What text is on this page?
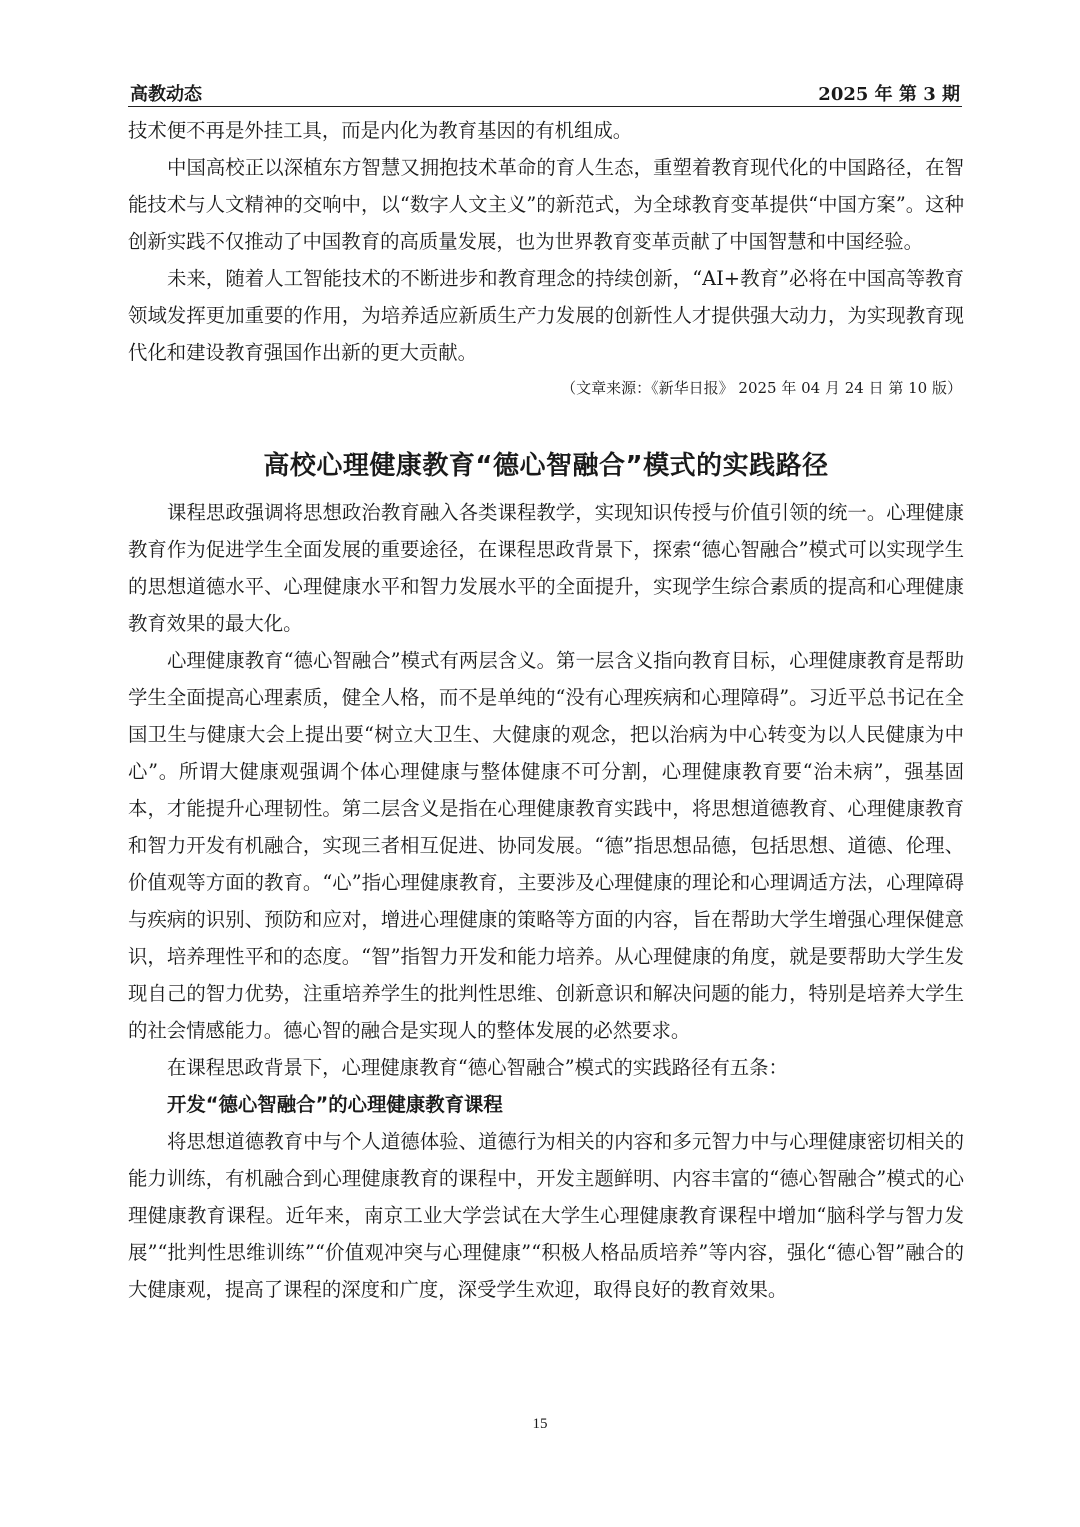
高教动态	2025 年 第 3 期

技术便不再是外挂工具，而是内化为教育基因的有机组成。

中国高校正以深植东方智慧又拥抱技术革命的育人生态，重塑着教育现代化的中国路径，在智能技术与人文精神的交响中，以“数字人文主义”的新范式，为全球教育变革提供“中国方案”。这种创新实践不仅推动了中国教育的高质量发展，也为世界教育变革贡献了中国智慧和中国经验。

未来，随着人工智能技术的不断进步和教育理念的持续创新，“AI+教育”必将在中国高等教育领域发挥更加重要的作用，为培养适应新质生产力发展的创新性人才提供强大动力，为实现教育现代化和建设教育强国作出新的更大贡献。

（文章来源：《新华日报》 2025 年 04 月 24 日 第 10 版）
高校心理健康教育“德心智融合”模式的实践路径

课程思政强调将思想政治教育融入各类课程教学，实现知识传授与价值引领的统一。心理健康教育作为促进学生全面发展的重要途径，在课程思政背景下，探索“德心智融合”模式可以实现学生的思想道德水平、心理健康水平和智力发展水平的全面提升，实现学生综合素质的提高和心理健康教育效果的最大化。

心理健康教育“德心智融合”模式有两层含义。第一层含义指向教育目标，心理健康教育是帮助学生全面提高心理素质，健全人格，而不是单纯的“没有心理疾病和心理障碍”。习近平总书记在全国卫生与健康大会上提出要“树立大卫生、大健康的观念，把以治病为中心转变为以人民健康为中心”。所谓大健康观强调个体心理健康与整体健康不可分割，心理健康教育要“治未病”，强基固本，才能提升心理韧性。第二层含义是指在心理健康教育实践中，将思想道德教育、心理健康教育和智力开发有机融合，实现三者相互促进、协同发展。“德”指思想品德，包括思想、道德、伦理、价值观等方面的教育。“心”指心理健康教育，主要涉及心理健康的理论和心理调适方法，心理障碍与疾病的识别、预防和应对，增进心理健康的策略等方面的内容，旨在帮助大学生增强心理保健意识，培养理性平和的态度。“智”指智力开发和能力培养。从心理健康的角度，就是要帮助大学生发现自己的智力优势，注重培养学生的批判性思维、创新意识和解决问题的能力，特别是培养大学生的社会情感能力。德心智的融合是实现人的整体发展的必然要求。

在课程思政背景下，心理健康教育“德心智融合”模式的实践路径有五条：

开发“德心智融合”的心理健康教育课程

将思想道德教育中与个人道德体验、道德行为相关的内容和多元智力中与心理健康密切相关的能力训练，有机融合到心理健康教育的课程中，开发主题鲜明、内容丰富的“德心智融合”模式的心理健康教育课程。近年来，南京工业大学尝试在大学生心理健康教育课程中增加“脑科学与智力发展”“批判性思维训练”“价值观冲突与心理健康”“积极人格品质培养”等内容，强化“德心智”融合的大健康观，提高了课程的深度和广度，深受学生欢迎，取得良好的教育效果。

15
